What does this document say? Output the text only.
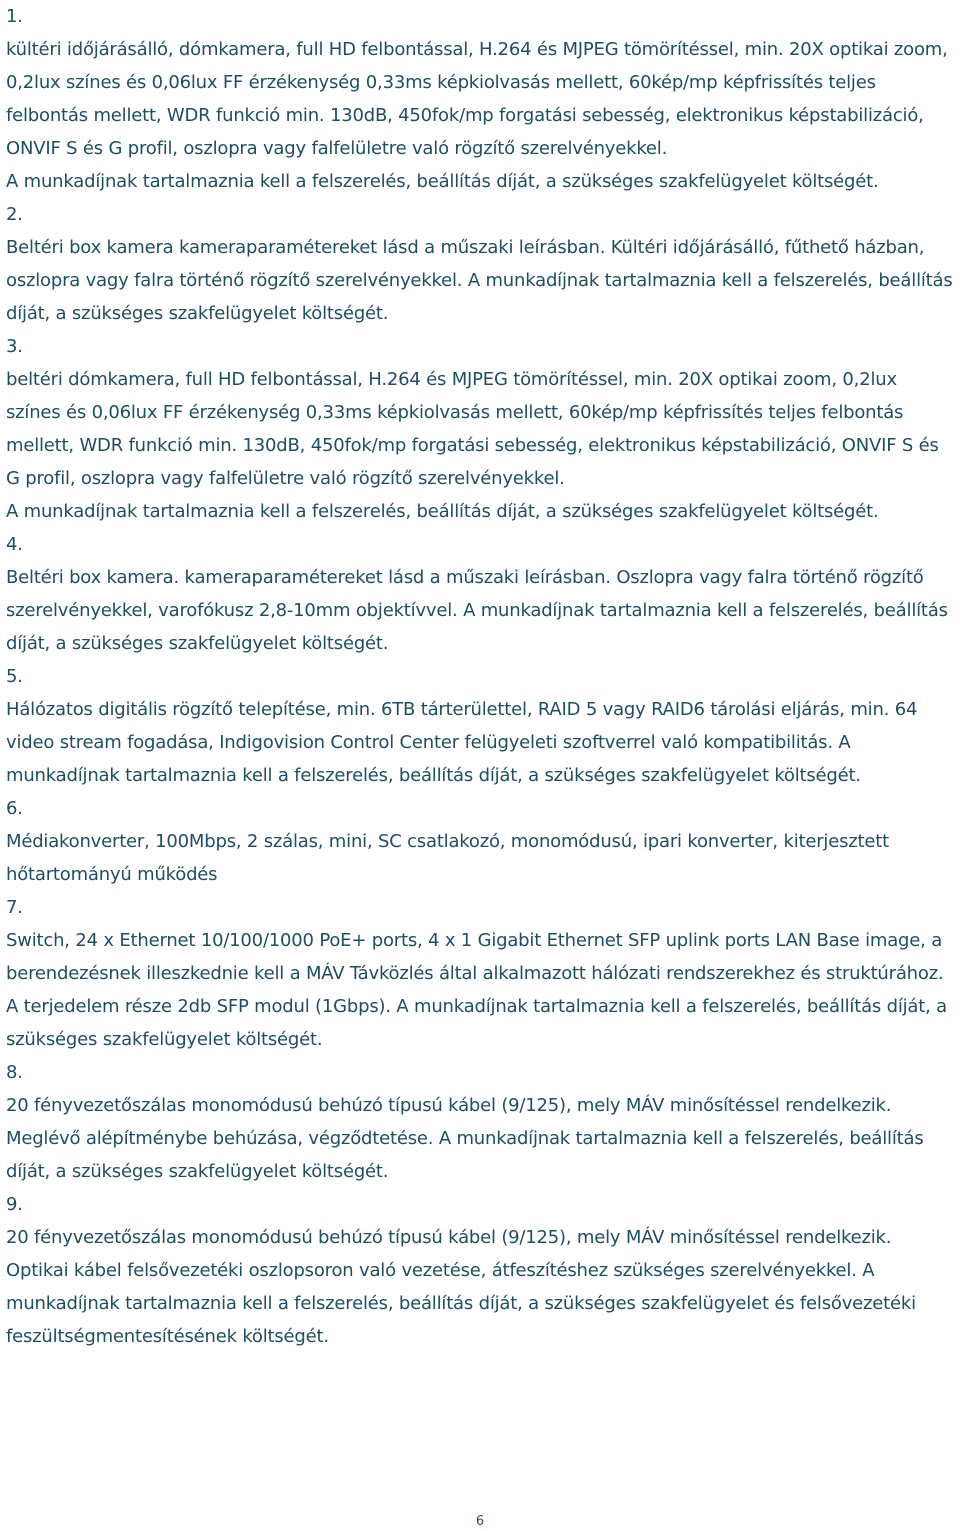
1.
kültéri időjárásálló, dómkamera, full HD felbontással, H.264 és MJPEG tömörítéssel, min. 20X optikai zoom, 0,2lux színes és 0,06lux FF érzékenység 0,33ms képkiolvasás mellett, 60kép/mp képfrissítés teljes felbontás mellett, WDR funkció min. 130dB, 450fok/mp forgatási sebesség, elektronikus képstabilizáció, ONVIF S és G profil, oszlopra vagy falfelületre való rögzítő szerelvényekkel.
A munkadíjnak tartalmaznia kell a felszerelés, beállítás díját, a szükséges szakfelügyelet költségét.
2.
Beltéri box kamera kameraparamétereket lásd a műszaki leírásban. Kültéri időjárásálló, fűthető házban, oszlopra vagy falra történő rögzítő szerelvényekkel. A munkadíjnak tartalmaznia kell a felszerelés, beállítás díját, a szükséges szakfelügyelet költségét.
3.
beltéri dómkamera, full HD felbontással, H.264 és MJPEG tömörítéssel, min. 20X optikai zoom, 0,2lux színes és 0,06lux FF érzékenység 0,33ms képkiolvasás mellett, 60kép/mp képfrissítés teljes felbontás mellett, WDR funkció min. 130dB, 450fok/mp forgatási sebesség, elektronikus képstabilizáció, ONVIF S és G profil, oszlopra vagy falfelületre való rögzítő szerelvényekkel.
A munkadíjnak tartalmaznia kell a felszerelés, beállítás díját, a szükséges szakfelügyelet költségét.
4.
Beltéri box kamera. kameraparamétereket lásd a műszaki leírásban. Oszlopra vagy falra történő rögzítő szerelvényekkel, varofókusz 2,8-10mm objektívvel. A munkadíjnak tartalmaznia kell a felszerelés, beállítás díját, a szükséges szakfelügyelet költségét.
5.
Hálózatos digitális rögzítő telepítése, min. 6TB tárterülettel, RAID 5 vagy RAID6 tárolási eljárás, min. 64 video stream fogadása, Indigovision Control Center felügyeleti szoftverrel való kompatibilitás. A munkadíjnak tartalmaznia kell a felszerelés, beállítás díját, a szükséges szakfelügyelet költségét.
6.
Médiakonverter, 100Mbps, 2 szálas, mini, SC csatlakozó, monomódusú, ipari konverter, kiterjesztett hőtartományú működés
7.
Switch, 24 x Ethernet 10/100/1000 PoE+ ports, 4 x 1 Gigabit Ethernet SFP uplink ports LAN Base image, a berendezésnek illeszkednie kell a MÁV Távközlés által alkalmazott hálózati rendszerekhez és struktúrához. A terjedelem része 2db SFP modul (1Gbps). A munkadíjnak tartalmaznia kell a felszerelés, beállítás díját, a szükséges szakfelügyelet költségét.
8.
20 fényvezetőszálas monomódusú behúzó típusú kábel (9/125), mely MÁV minősítéssel rendelkezik. Meglévő alépítménybe behúzása, végződtetése. A munkadíjnak tartalmaznia kell a felszerelés, beállítás díját, a szükséges szakfelügyelet költségét.
9.
20 fényvezetőszálas monomódusú behúzó típusú kábel (9/125), mely MÁV minősítéssel rendelkezik. Optikai kábel felsővezetéki oszlopsoron való vezetése, átfeszítéshez szükséges szerelvényekkel. A munkadíjnak tartalmaznia kell a felszerelés, beállítás díját, a szükséges szakfelügyelet és felsővezetéki feszültségmentesítésének költségét.
6
